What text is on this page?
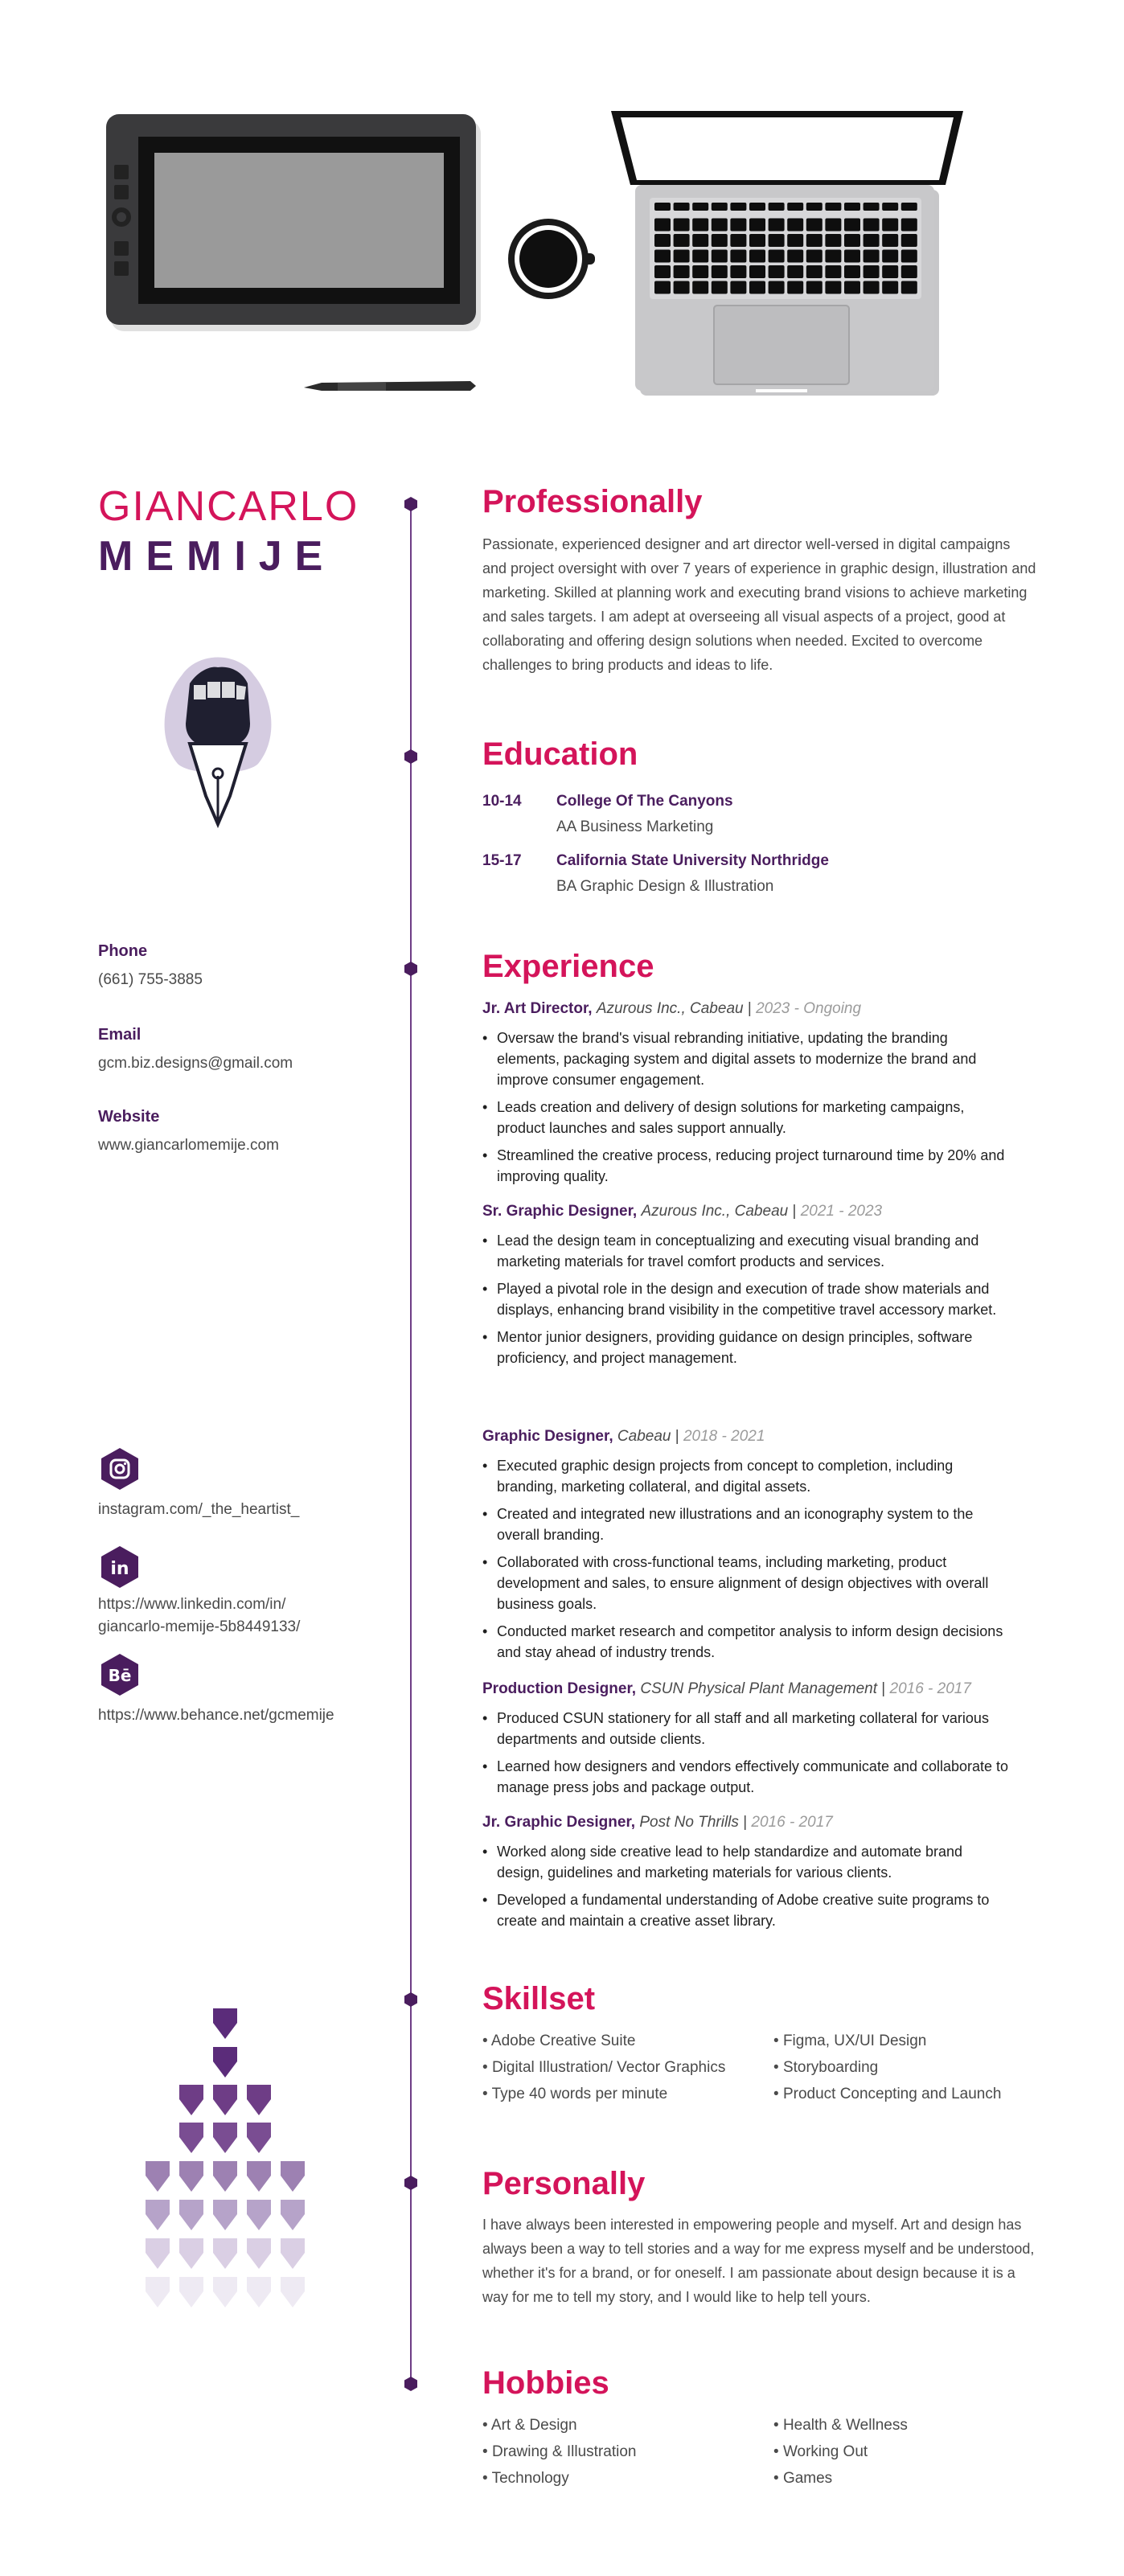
GIANCARLO
MEMIJE
Phone
(661) 755-3885
Email
gcm.biz.designs@gmail.com
Website
www.giancarlomemije.com
instagram.com/_the_heartist_
in
https://www.linkedin.com/in/
giancarlo-memije-5b8449133/
Bē
https://www.behance.net/gcmemije
Professionally
Passionate, experienced designer and art director well-versed in digital campaigns and project oversight with over 7 years of experience in graphic design, illustration and marketing. Skilled at planning work and executing brand visions to achieve marketing and sales targets. I am adept at overseeing all visual aspects of a project, good at collaborating and offering design solutions when needed. Excited to overcome challenges to bring products and ideas to life.
Education
10-14 College Of The Canyons
AA Business Marketing
15-17 California State University Northridge
BA Graphic Design & Illustration
Experience
Jr. Art Director, Azurous Inc., Cabeau | 2023 - Ongoing
• Oversaw the brand's visual rebranding initiative, updating the branding elements, packaging system and digital assets to modernize the brand and improve consumer engagement.
• Leads creation and delivery of design solutions for marketing campaigns, product launches and sales support annually.
• Streamlined the creative process, reducing project turnaround time by 20% and improving quality.
Sr. Graphic Designer, Azurous Inc., Cabeau | 2021 - 2023
• Lead the design team in conceptualizing and executing visual branding and marketing materials for travel comfort products and services.
• Played a pivotal role in the design and execution of trade show materials and displays, enhancing brand visibility in the competitive travel accessory market.
• Mentor junior designers, providing guidance on design principles, software proficiency, and project management.
Graphic Designer, Cabeau | 2018 - 2021
• Executed graphic design projects from concept to completion, including branding, marketing collateral, and digital assets.
• Created and integrated new illustrations and an iconography system to the overall branding.
• Collaborated with cross-functional teams, including marketing, product development and sales, to ensure alignment of design objectives with overall business goals.
• Conducted market research and competitor analysis to inform design decisions and stay ahead of industry trends.
Production Designer, CSUN Physical Plant Management | 2016 - 2017
• Produced CSUN stationery for all staff and all marketing collateral for various departments and outside clients.
• Learned how designers and vendors effectively communicate and collaborate to manage press jobs and package output.
Jr. Graphic Designer, Post No Thrills | 2016 - 2017
• Worked along side creative lead to help standardize and automate brand design, guidelines and marketing materials for various clients.
• Developed a fundamental understanding of Adobe creative suite programs to create and maintain a creative asset library.
Skillset
• Adobe Creative Suite
• Digital Illustration/ Vector Graphics
• Type 40 words per minute
• Figma, UX/UI Design
• Storyboarding
• Product Concepting and Launch
Personally
I have always been interested in empowering people and myself. Art and design has always been a way to tell stories and a way for me express myself and be understood, whether it's for a brand, or for oneself. I am passionate about design because it is a way for me to tell my story, and I would like to help tell yours.
Hobbies
• Art & Design
• Drawing & Illustration
• Technology
• Health & Wellness
• Working Out
• Games
